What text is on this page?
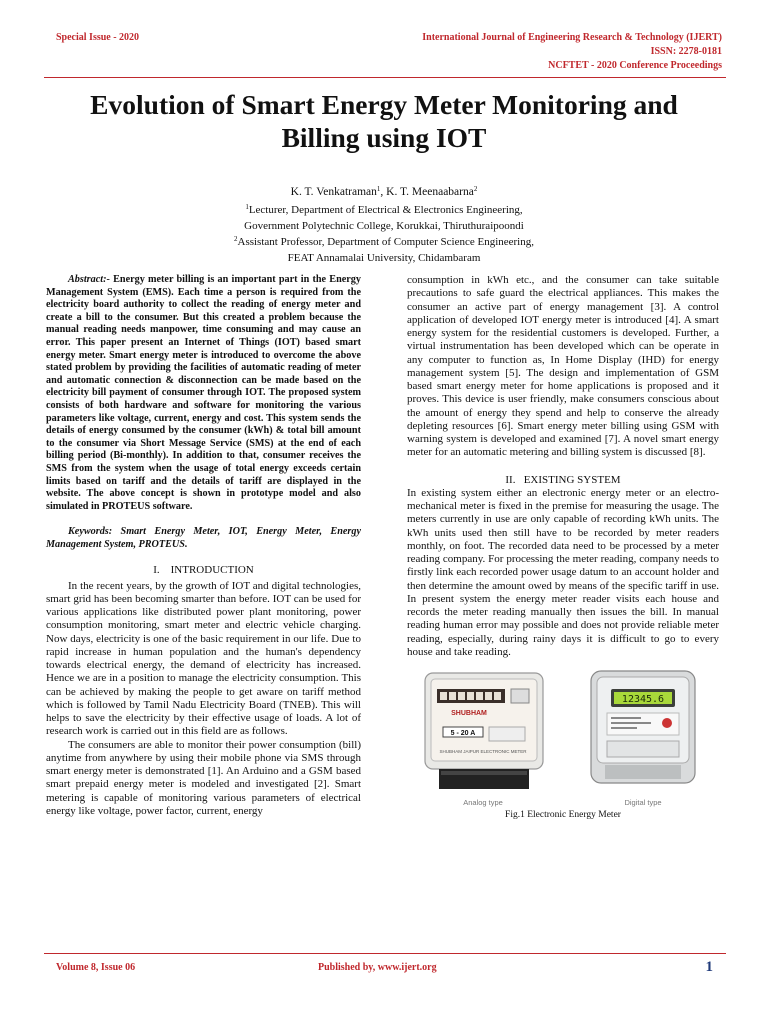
Special Issue - 2020	International Journal of Engineering Research & Technology (IJERT)
ISSN: 2278-0181
NCFTET - 2020 Conference Proceedings
Evolution of Smart Energy Meter Monitoring and
Billing using IOT
K. T. Venkatraman$^1$, K. T. Meenaabarna$^2$
$^1$Lecturer, Department of Electrical & Electronics Engineering,
Government Polytechnic College, Korukkai, Thiruthuraipoondi
$^2$Assistant Professor, Department of Computer Science Engineering,
FEAT Annamalai University, Chidambaram

Abstract:- Energy meter billing is an important part in the Energy Management System (EMS). Each time a person is required from the electricity board authority to collect the reading of energy meter and create a bill to the consumer. But this created a problem because the manual reading needs manpower, time consuming and may cause an error. This paper present an Internet of Things (IOT) based smart energy meter. Smart energy meter is introduced to overcome the above stated problem by providing the facilities of automatic reading of meter and automatic connection & disconnection can be made based on the electricity bill payment of consumer through IOT. The proposed system consists of both hardware and software for monitoring the various parameters like voltage, current, energy and cost. This system sends the details of energy consumed by the consumer (kWh) & total bill amount to the consumer via Short Message Service (SMS) at the end of each billing period (Bi-monthly). In addition to that, consumer receives the SMS from the system when the usage of total energy exceeds certain limits based on tariff and the details of tariff are displayed in the website. The above concept is shown in prototype model and also simulated in PROTEUS software.

Keywords: Smart Energy Meter, IOT, Energy Meter, Energy Management System, PROTEUS.

I.    INTRODUCTION

In the recent years, by the growth of IOT and digital technologies, smart grid has been becoming smarter than before. IOT can be used for various applications like distributed power plant monitoring, power consumption monitoring, smart meter and electric vehicle charging. Now days, electricity is one of the basic requirement in our life. Due to rapid increase in human population and the human's dependency towards electrical energy, the demand of electricity has increased. Hence we are in a position to manage the electricity consumption. This can be achieved by making the people to get aware on tariff method which is followed by Tamil Nadu Electricity Board (TNEB). This will helps to save the electricity by their effective usage of loads. A lot of research work is carried out in this field are as follows.

The consumers are able to monitor their power consumption (bill) anytime from anywhere by using their mobile phone via SMS through smart energy meter is demonstrated [1]. An Arduino and a GSM based smart prepaid energy meter is modeled and investigated [2]. Smart metering is capable of monitoring various parameters of electrical energy like voltage, power factor, current, energy

consumption in kWh etc., and the consumer can take suitable precautions to safe guard the electrical appliances. This makes the consumer an active part of energy management [3]. A control application of developed IOT energy meter is introduced [4]. A smart energy system for the residential customers is developed. Further, a virtual instrumentation has been developed which can be operate in any computer to function as, In Home Display (IHD) for energy management system [5]. The design and implementation of GSM based smart energy meter for home applications is proposed and it proves. This device is user friendly, make consumers conscious about the amount of energy they spend and help to conserve the already depleting resources [6]. Smart energy meter billing using GSM with warning system is developed and examined [7]. A novel smart energy meter for an automatic metering and billing system is discussed [8].

II.   EXISTING SYSTEM

In existing system either an electronic energy meter or an electro- mechanical meter is fixed in the premise for measuring the usage. The meters currently in use are only capable of recording kWh units. The kWh units used then still have to be recorded by meter readers monthly, on foot. The recorded data need to be processed by a meter reading company. For processing the meter reading, company needs to firstly link each recorded power usage datum to an account holder and then determine the amount owed by means of the specific tariff in use. In present system the energy meter reader visits each house and records the meter reading manually then issues the bill. In manual reading human error may possible and does not provide reliable meter reading, especially, during rainy days it is difficult to go to every house and take reading.

SHUBHAM
5 - 20 A
SHUBHAM JAIPUR ELECTRONIC METER
Analog type
12345.6
Digital type
Fig.1 Electronic Energy Meter
Volume 8, Issue 06	Published by, www.ijert.org	1
